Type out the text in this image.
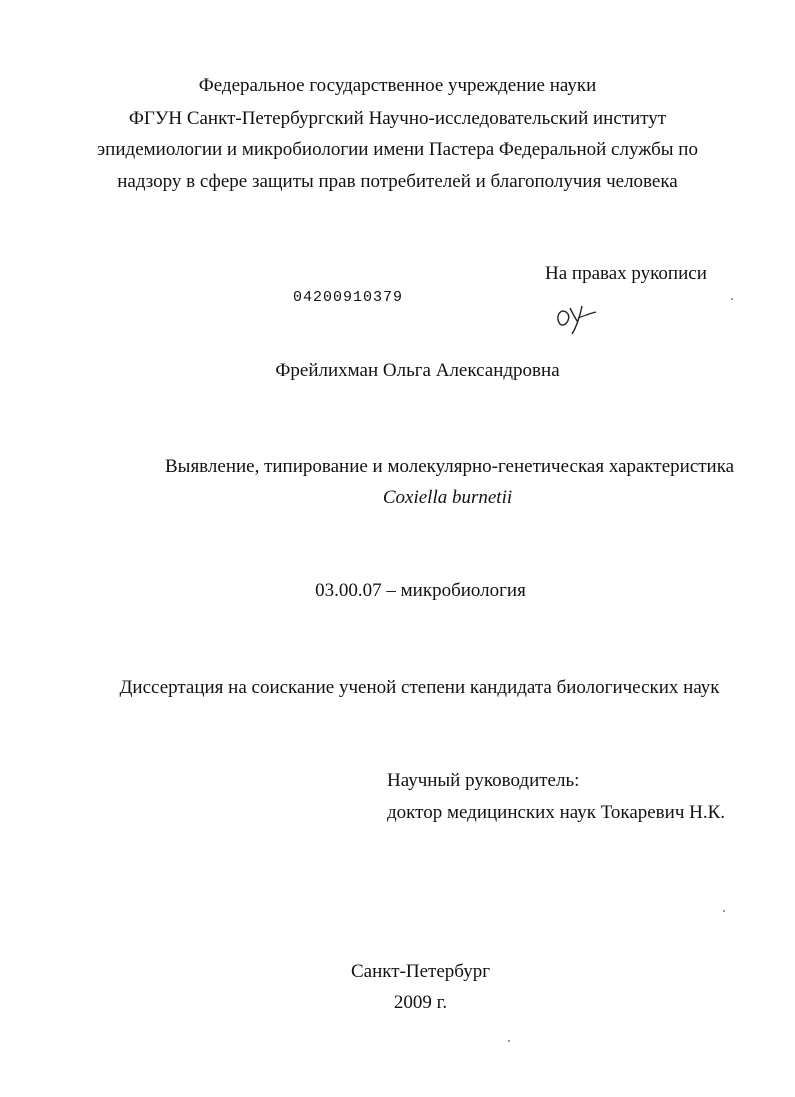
Федеральное государственное учреждение науки
ФГУН Санкт-Петербургский Научно-исследовательский институт
эпидемиологии и микробиологии имени Пастера Федеральной службы по
надзору в сфере защиты прав потребителей и благополучия человека
На правах рукописи
04200910379
Фрейлихман Ольга Александровна
Выявление, типирование и молекулярно-генетическая характеристика
Coxiella burnetii
03.00.07 – микробиология
Диссертация на соискание ученой степени кандидата биологических наук
Научный руководитель:
доктор медицинских наук Токаревич Н.К.
Санкт-Петербург
2009 г.
